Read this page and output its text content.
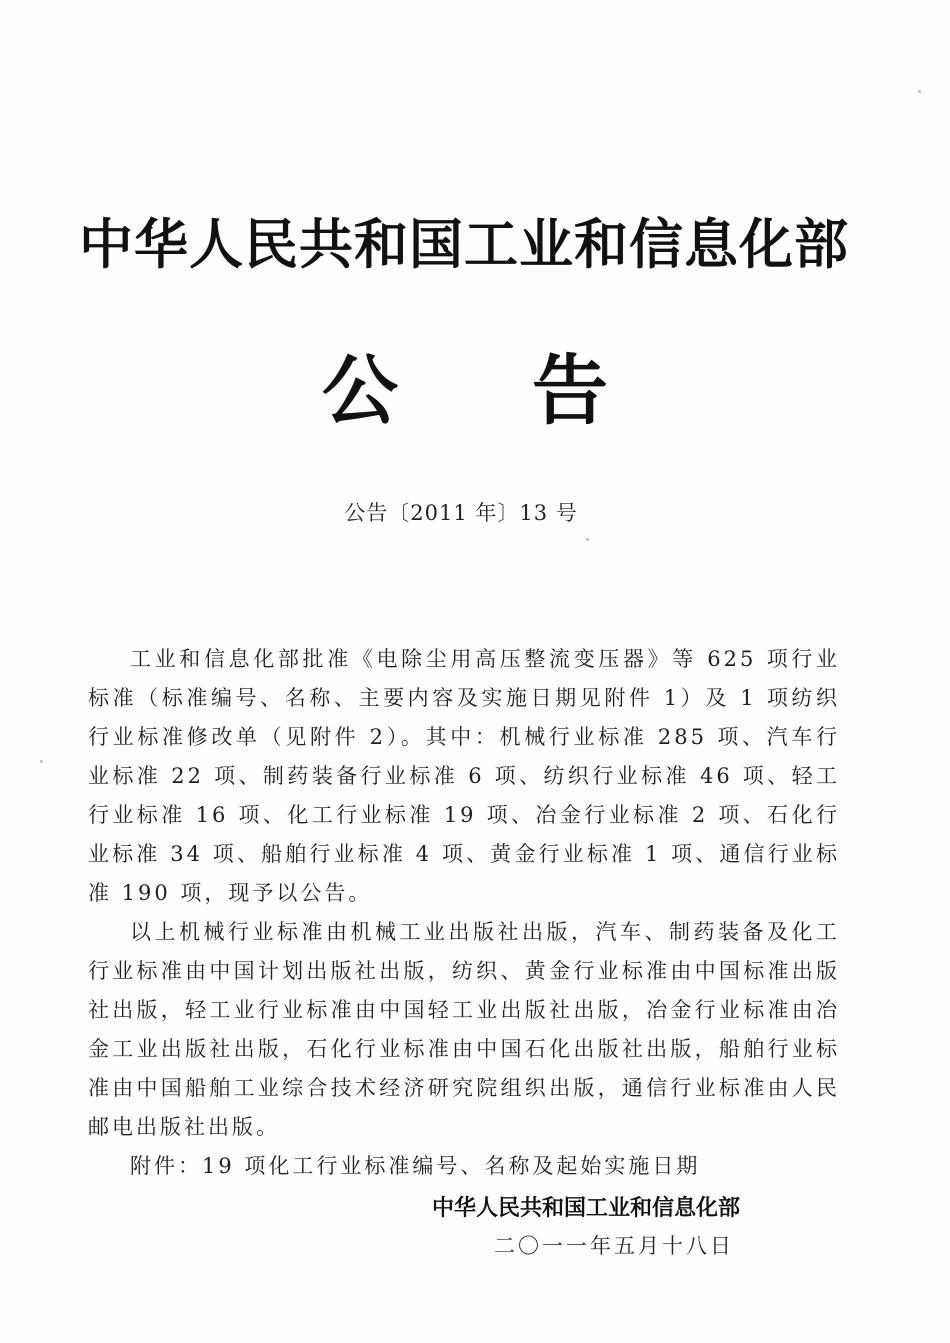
中华人民共和国工业和信息化部
公 告
公告〔2011 年〕13 号

工业和信息化部批准《电除尘用高压整流变压器》等 625 项行业标准（标准编号、名称、主要内容及实施日期见附件 1）及 1 项纺织行业标准修改单（见附件 2）。其中：机械行业标准 285 项、汽车行业标准 22 项、制药装备行业标准 6 项、纺织行业标准 46 项、轻工行业标准 16 项、化工行业标准 19 项、冶金行业标准 2 项、石化行业标准 34 项、船舶行业标准 4 项、黄金行业标准 1 项、通信行业标准 190 项，现予以公告。

以上机械行业标准由机械工业出版社出版，汽车、制药装备及化工行业标准由中国计划出版社出版，纺织、黄金行业标准由中国标准出版社出版，轻工业行业标准由中国轻工业出版社出版，冶金行业标准由冶金工业出版社出版，石化行业标准由中国石化出版社出版，船舶行业标准由中国船舶工业综合技术经济研究院组织出版，通信行业标准由人民邮电出版社出版。

附件：19 项化工行业标准编号、名称及起始实施日期

中华人民共和国工业和信息化部
二〇一一年五月十八日
